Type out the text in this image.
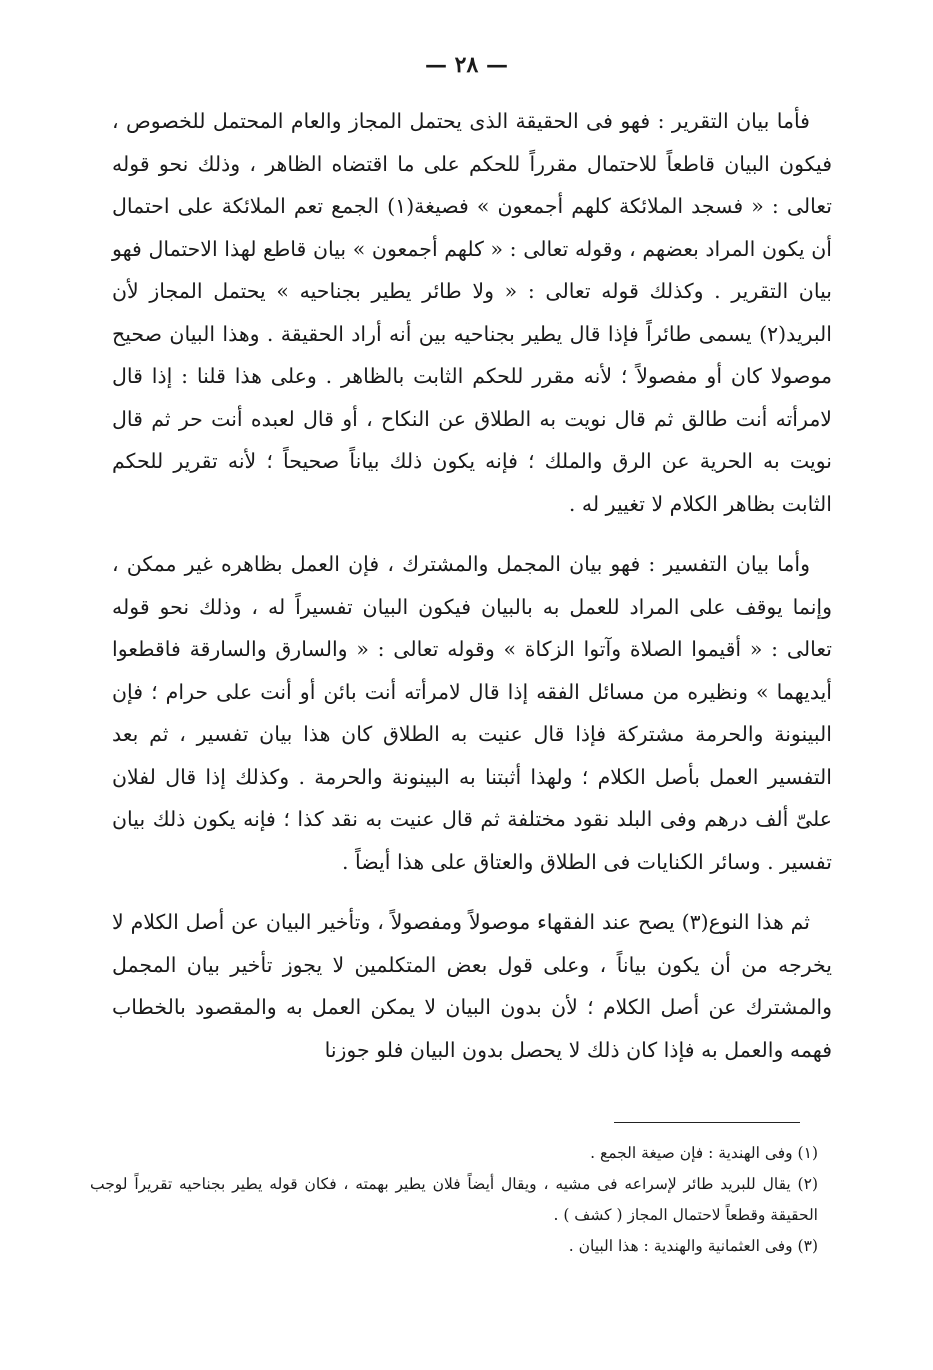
— ٢٨ —

فأما بيان التقرير : فهو فى الحقيقة الذى يحتمل المجاز والعام المحتمل للخصوص ، فيكون البيان قاطعاً للاحتمال مقرراً للحكم على ما اقتضاه الظاهر ، وذلك نحو قوله تعالى : « فسجد الملائكة كلهم أجمعون » فصيغة(١) الجمع تعم الملائكة على احتمال أن يكون المراد بعضهم ، وقوله تعالى : « كلهم أجمعون » بيان قاطع لهذا الاحتمال فهو بيان التقرير . وكذلك قوله تعالى : « ولا طائر يطير بجناحيه » يحتمل المجاز لأن البريد(٢) يسمى طائراً فإذا قال يطير بجناحيه بين أنه أراد الحقيقة . وهذا البيان صحيح موصولا كان أو مفصولاً ؛ لأنه مقرر للحكم الثابت بالظاهر . وعلى هذا قلنا : إذا قال لامرأته أنت طالق ثم قال نويت به الطلاق عن النكاح ، أو قال لعبده أنت حر ثم قال نويت به الحرية عن الرق والملك ؛ فإنه يكون ذلك بياناً صحيحاً ؛ لأنه تقرير للحكم الثابت بظاهر الكلام لا تغيير له .

وأما بيان التفسير : فهو بيان المجمل والمشترك ، فإن العمل بظاهره غير ممكن ، وإنما يوقف على المراد للعمل به بالبيان فيكون البيان تفسيراً له ، وذلك نحو قوله تعالى : « أقيموا الصلاة وآتوا الزكاة » وقوله تعالى : « والسارق والسارقة فاقطعوا أيديهما » ونظيره من مسائل الفقه إذا قال لامرأته أنت بائن أو أنت على حرام ؛ فإن البينونة والحرمة مشتركة فإذا قال عنيت به الطلاق كان هذا بيان تفسير ، ثم بعد التفسير العمل بأصل الكلام ؛ ولهذا أثبتنا به البينونة والحرمة . وكذلك إذا قال لفلان علىّ ألف درهم وفى البلد نقود مختلفة ثم قال عنيت به نقد كذا ؛ فإنه يكون ذلك بيان تفسير . وسائر الكنايات فى الطلاق والعتاق على هذا أيضاً .

ثم هذا النوع(٣) يصح عند الفقهاء موصولاً ومفصولاً ، وتأخير البيان عن أصل الكلام لا يخرجه من أن يكون بياناً ، وعلى قول بعض المتكلمين لا يجوز تأخير بيان المجمل والمشترك عن أصل الكلام ؛ لأن بدون البيان لا يمكن العمل به والمقصود بالخطاب فهمه والعمل به فإذا كان ذلك لا يحصل بدون البيان فلو جوزنا

(١) وفى الهندية : فإن صيغة الجمع .

(٢) يقال للبريد طائر لإسراعه فى مشيه ، ويقال أيضاً فلان يطير بهمته ، فكان قوله يطير بجناحيه تقريراً لوجب الحقيقة وقطعاً لاحتمال المجاز ( كشف ) .

(٣) وفى العثمانية والهندية : هذا البيان .
